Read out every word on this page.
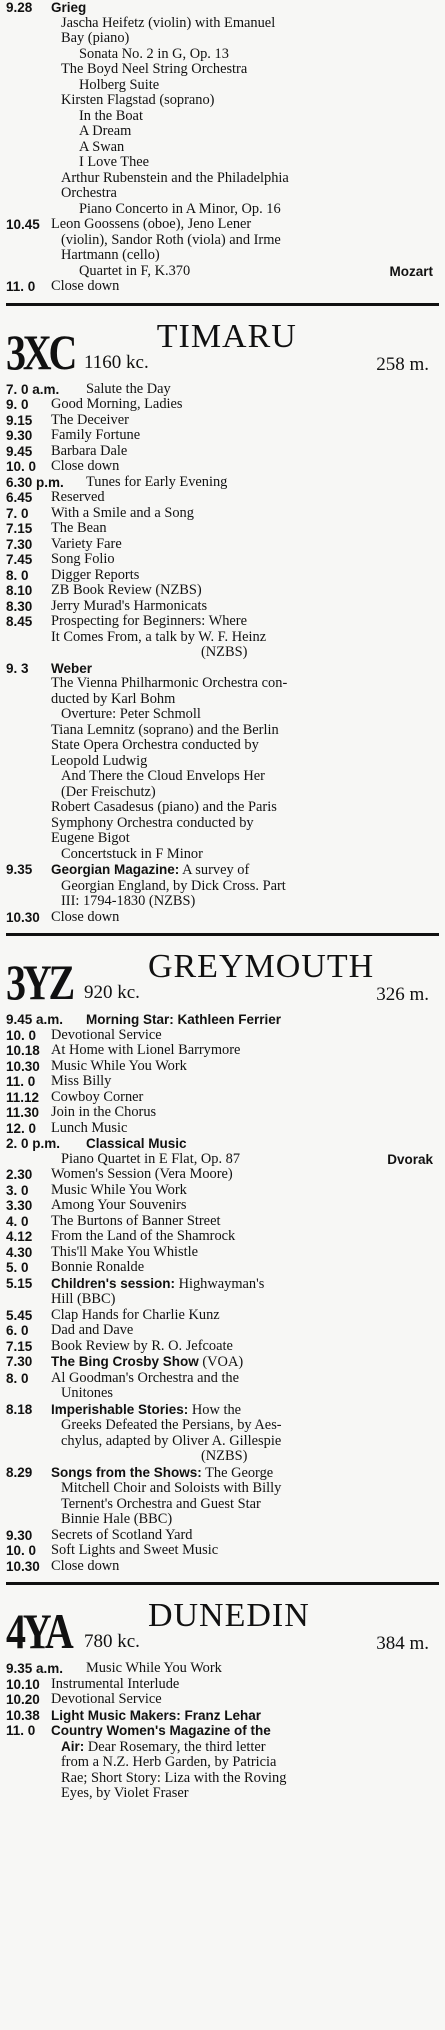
9.28	Grieg
Jascha Heifetz (violin) with Emanuel
Bay (piano)
Sonata No. 2 in G, Op. 13
The Boyd Neel String Orchestra
Holberg Suite
Kirsten Flagstad (soprano)
In the Boat
A Dream
A Swan
I Love Thee
Arthur Rubenstein and the Philadelphia
Orchestra
Piano Concerto in A Minor, Op. 16
10.45 Leon Goossens (oboe), Jeno Lener
(violin), Sandor Roth (viola) and Irme
Hartmann (cello)
Quartet in F, K.370	Mozart
11. 0	Close down
3XC 1160 kc.
TIMARU
258 m.
7. 0 a.m.	Salute the Day
9. 0	Good Morning, Ladies
9.15	The Deceiver
9.30	Family Fortune
9.45	Barbara Dale
10. 0	Close down
6.30 p.m.	Tunes for Early Evening
6.45	Reserved
7. 0	With a Smile and a Song
7.15	The Bean
7.30	Variety Fare
7.45	Song Folio
8. 0	Digger Reports
8.10	ZB Book Review (NZBS)
8.30	Jerry Murad's Harmonicats
8.45	Prospecting for Beginners: Where
It Comes From, a talk by W. F. Heinz
(NZBS)
9. 3	Weber
The Vienna Philharmonic Orchestra con-
ducted by Karl Bohm
Overture: Peter Schmoll
Tiana Lemnitz (soprano) and the Berlin
State Opera Orchestra conducted by
Leopold Ludwig
And There the Cloud Envelops Her
(Der Freischutz)
Robert Casadesus (piano) and the Paris
Symphony Orchestra conducted by
Eugene Bigot
Concertstuck in F Minor
9.35	Georgian Magazine: A survey of
Georgian England, by Dick Cross. Part
III: 1794-1830 (NZBS)
10.30 Close down
3YZ 920 kc.
GREYMOUTH
326 m.
9.45 a.m.	Morning Star: Kathleen Ferrier
10. 0	Devotional Service
10.18 At Home with Lionel Barrymore
10.30 Music While You Work
11. 0	Miss Billy
11.12 Cowboy Corner
11.30 Join in the Chorus
12. 0	Lunch Music
2. 0 p.m.	Classical Music
Piano Quartet in E Flat, Op. 87	Dvorak
2.30	Women's Session (Vera Moore)
3. 0	Music While You Work
3.30	Among Your Souvenirs
4. 0	The Burtons of Banner Street
4.12	From the Land of the Shamrock
4.30	This'll Make You Whistle
5. 0	Bonnie Ronalde
5.15	Children's session: Highwayman's
Hill (BBC)
5.45	Clap Hands for Charlie Kunz
6. 0	Dad and Dave
7.15	Book Review by R. O. Jefcoate
7.30	The Bing Crosby Show (VOA)
8. 0	Al Goodman's Orchestra and the
Unitones
8.18	Imperishable Stories: How the
Greeks Defeated the Persians, by Aes-
chylus, adapted by Oliver A. Gillespie
(NZBS)
8.29	Songs from the Shows: The George
Mitchell Choir and Soloists with Billy
Ternent's Orchestra and Guest Star
Binnie Hale (BBC)
9.30	Secrets of Scotland Yard
10. 0	Soft Lights and Sweet Music
10.30 Close down
4YA 780 kc.
DUNEDIN
384 m.
9.35 a.m.	Music While You Work
10.10 Instrumental Interlude
10.20 Devotional Service
10.38 Light Music Makers: Franz Lehar
11. 0	Country Women's Magazine of the
Air: Dear Rosemary, the third letter
from a N.Z. Herb Garden, by Patricia
Rae; Short Story: Liza with the Roving
Eyes, by Violet Fraser
